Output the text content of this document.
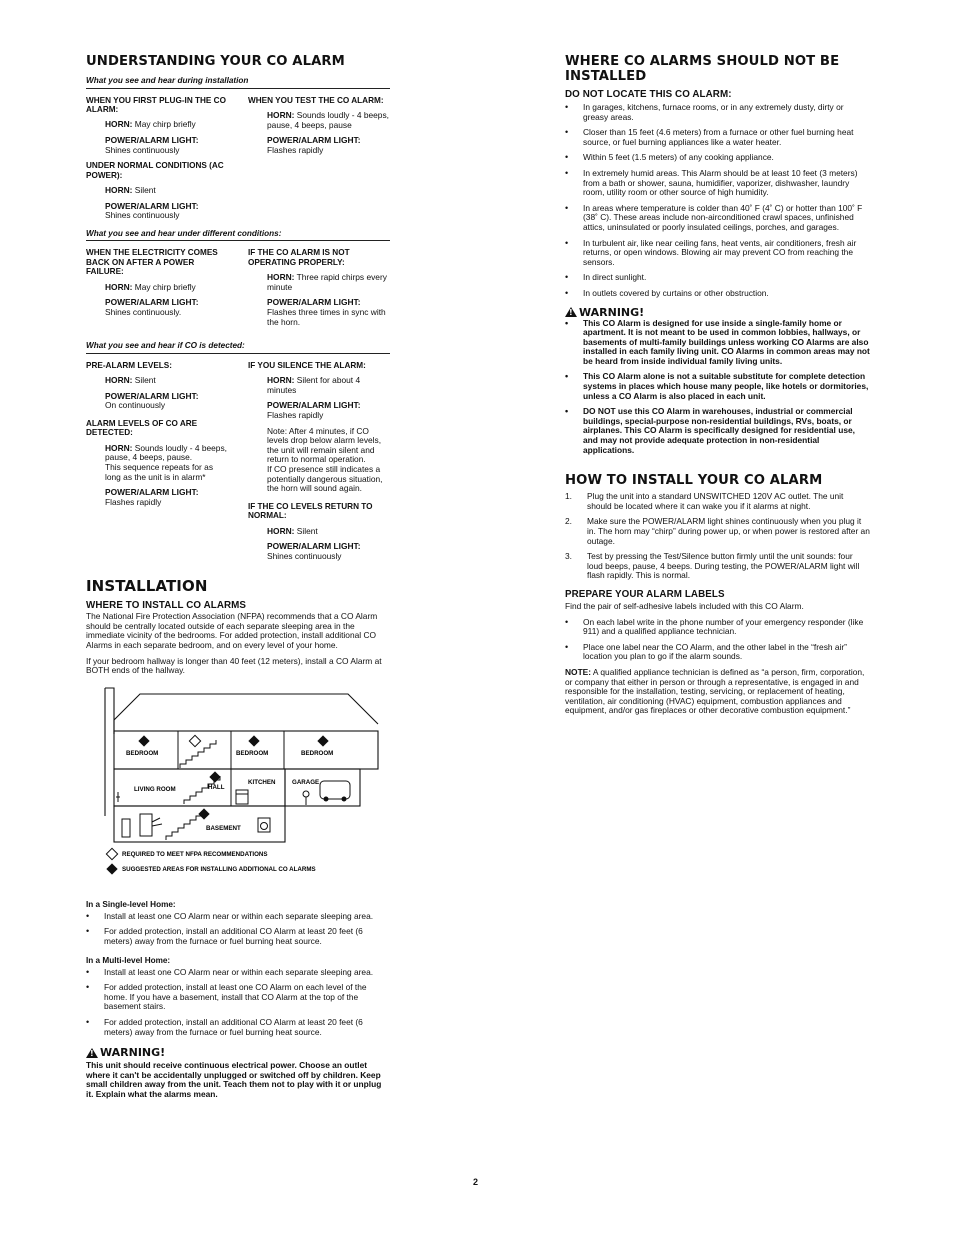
UNDERSTANDING YOUR CO ALARM

What you see and hear during installation

WHEN YOU FIRST PLUG-IN THE CO ALARM:
HORN: May chirp briefly
POWER/ALARM LIGHT:
Shines continuously
UNDER NORMAL CONDITIONS (AC POWER):
HORN: Silent
POWER/ALARM LIGHT:
Shines continuously
WHEN YOU TEST THE CO ALARM:
HORN: Sounds loudly - 4 beeps, pause, 4 beeps, pause
POWER/ALARM LIGHT:
Flashes rapidly

What you see and hear under different conditions:

WHEN THE ELECTRICITY COMES BACK ON AFTER A POWER FAILURE:
HORN: May chirp briefly
POWER/ALARM LIGHT:
Shines continuously.
IF THE CO ALARM IS NOT OPERATING PROPERLY:
HORN: Three rapid chirps every minute
POWER/ALARM LIGHT:
Flashes three times in sync with the horn.

What you see and hear if CO is detected:

PRE-ALARM LEVELS:
HORN: Silent
POWER/ALARM LIGHT:
On continuously
ALARM LEVELS OF CO ARE DETECTED:
HORN: Sounds loudly - 4 beeps, pause, 4 beeps, pause.
This sequence repeats for as long as the unit is in alarm*
POWER/ALARM LIGHT:
Flashes rapidly
IF YOU SILENCE THE ALARM:
HORN: Silent for about 4 minutes
POWER/ALARM LIGHT:
Flashes rapidly
Note: After 4 minutes, if CO levels drop below alarm levels, the unit will remain silent and return to normal operation.
If CO presence still indicates a potentially dangerous situation, the horn will sound again.
IF THE CO LEVELS RETURN TO NORMAL:
HORN: Silent
POWER/ALARM LIGHT:
Shines continuously
INSTALLATION
WHERE TO INSTALL CO ALARMS

The National Fire Protection Association (NFPA) recommends that a CO Alarm should be centrally located outside of each separate sleeping area in the immediate vicinity of the bedrooms. For added protection, install additional CO Alarms in each separate bedroom, and on every level of your home.

If your bedroom hallway is longer than 40 feet (12 meters), install a CO Alarm at BOTH ends of the hallway.

BEDROOM	BEDROOM	BEDROOM
LIVING ROOM	HALL
KITCHEN	GARAGE
BASEMENT
REQUIRED TO MEET NFPA RECOMMENDATIONS
SUGGESTED AREAS FOR INSTALLING ADDITIONAL CO ALARMS
In a Single-level Home:
• Install at least one CO Alarm near or within each separate sleeping area.
• For added protection, install an additional CO Alarm at least 20 feet (6 meters) away from the furnace or fuel burning heat source.
In a Multi-level Home:
• Install at least one CO Alarm near or within each separate sleeping area.
• For added protection, install at least one CO Alarm on each level of the home. If you have a basement, install that CO Alarm at the top of the basement stairs.
• For added protection, install an additional CO Alarm at least 20 feet (6 meters) away from the furnace or fuel burning heat source.
!
WARNING!

This unit should receive continuous electrical power. Choose an outlet where it can't be accidentally unplugged or switched off by children. Keep small children away from the unit. Teach them not to play with it or unplug it. Explain what the alarms mean.

WHERE CO ALARMS SHOULD NOT BE INSTALLED
DO NOT LOCATE THIS CO ALARM:
• In garages, kitchens, furnace rooms, or in any extremely dusty, dirty or greasy areas.
• Closer than 15 feet (4.6 meters) from a furnace or other fuel burning heat source, or fuel burning appliances like a water heater.
• Within 5 feet (1.5 meters) of any cooking appliance.
• In extremely humid areas. This Alarm should be at least 10 feet (3 meters) from a bath or shower, sauna, humidifier, vaporizer, dishwasher, laundry room, utility room or other source of high humidity.
• In areas where temperature is colder than 40˚ F (4˚ C) or hotter than 100˚ F (38˚ C). These areas include non-airconditioned crawl spaces, unfinished attics, uninsulated or poorly insulated ceilings, porches, and garages.
• In turbulent air, like near ceiling fans, heat vents, air conditioners, fresh air returns, or open windows. Blowing air may prevent CO from reaching the sensors.
• In direct sunlight.
• In outlets covered by curtains or other obstruction.
!
WARNING!
• This CO Alarm is designed for use inside a single-family home or apartment. It is not meant to be used in common lobbies, hallways, or basements of multi-family buildings unless working CO Alarms are also installed in each family living unit. CO Alarms in common areas may not be heard from inside individual family living units.
• This CO Alarm alone is not a suitable substitute for complete detection systems in places which house many people, like hotels or dormitories, unless a CO Alarm is also placed in each unit.
• DO NOT use this CO Alarm in warehouses, industrial or commercial buildings, special-purpose non-residential buildings, RVs, boats, or airplanes. This CO Alarm is specifically designed for residential use, and may not provide adequate protection in non-residential applications.
HOW TO INSTALL YOUR CO ALARM
1. Plug the unit into a standard UNSWITCHED 120V AC outlet. The unit should be located where it can wake you if it alarms at night.
2. Make sure the POWER/ALARM light shines continuously when you plug it in. The horn may “chirp” during power up, or when power is restored after an outage.
3. Test by pressing the Test/Silence button firmly until the unit sounds: four loud beeps, pause, 4 beeps. During testing, the POWER/ALARM light will flash rapidly. This is normal.
PREPARE YOUR ALARM LABELS

Find the pair of self-adhesive labels included with this CO Alarm.

• On each label write in the phone number of your emergency responder (like 911) and a qualified appliance technician.
• Place one label near the CO Alarm, and the other label in the “fresh air” location you plan to go if the alarm sounds.

NOTE: A qualified appliance technician is defined as “a person, firm, corporation, or company that either in person or through a representative, is engaged in and responsible for the installation, testing, servicing, or replacement of heating, ventilation, air conditioning (HVAC) equipment, combustion appliances and equipment, and/or gas fireplaces or other decorative combustion equipment.”

2
